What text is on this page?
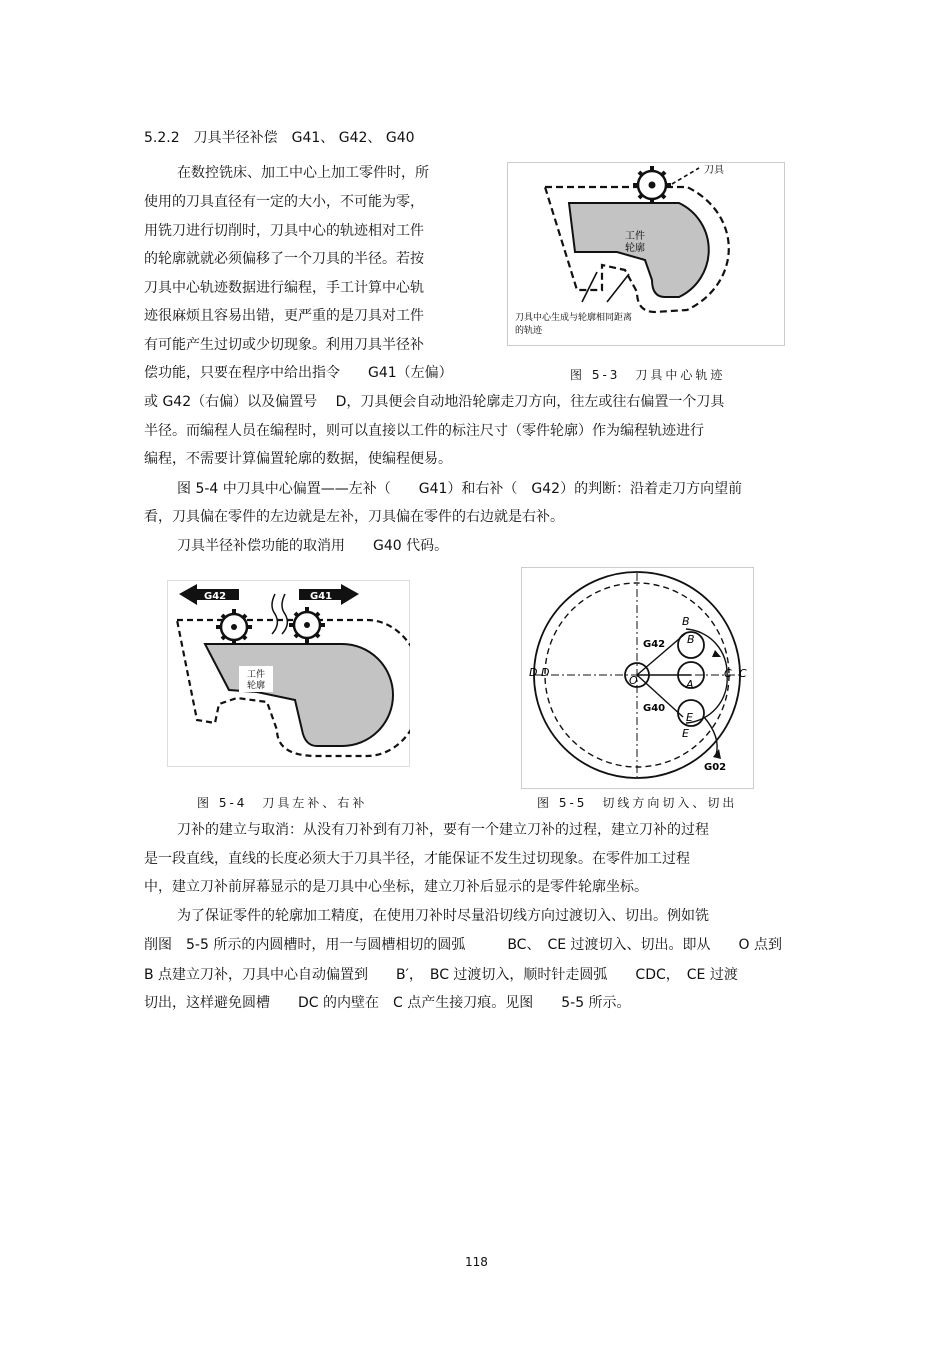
5.2.2　刀具半径补偿　G41、 G42、 G40
在数控铣床、加工中心上加工零件时，所
使用的刀具直径有一定的大小，不可能为零，
用铣刀进行切削时，刀具中心的轨迹相对工件
的轮廓就就必须偏移了一个刀具的半径。若按
刀具中心轨迹数据进行编程，手工计算中心轨
迹很麻烦且容易出错，更严重的是刀具对工件
有可能产生过切或少切现象。利用刀具半径补
偿功能，只要在程序中给出指令　　G41（左偏）
或 G42（右偏）以及偏置号　 D，刀具便会自动地沿轮廓走刀方向，往左或往右偏置一个刀具
半径。而编程人员在编程时，则可以直接以工件的标注尺寸（零件轮廓）作为编程轨迹进行
编程，不需要计算偏置轮廓的数据，使编程便易。
图 5-4 中刀具中心偏置——左补（　　G41）和右补（　G42）的判断：沿着走刀方向望前
看，刀具偏在零件的左边就是左补，刀具偏在零件的右边就是右补。
刀具半径补偿功能的取消用　　G40 代码。
刀具
工件
轮廓
刀具中心生成与轮廓相同距离
的轨迹
图 5-3　刀具中心轨迹
G42	G41
工件
轮廓
图 5-4　刀具左补、右补
G42
G40
G02
B
B
C C
D D
E
E
A
O
图 5-5　切线方向切入、切出
刀补的建立与取消：从没有刀补到有刀补，要有一个建立刀补的过程，建立刀补的过程
是一段直线，直线的长度必须大于刀具半径，才能保证不发生过切现象。在零件加工过程
中，建立刀补前屏幕显示的是刀具中心坐标，建立刀补后显示的是零件轮廓坐标。
为了保证零件的轮廓加工精度，在使用刀补时尽量沿切线方向过渡切入、切出。例如铣
削图　5-5 所示的内圆槽时，用一与圆槽相切的圆弧　　　BC、　CE 过渡切入、切出。即从　　O 点到
B 点建立刀补，刀具中心自动偏置到　　B′，　BC 过渡切入，顺时针走圆弧　　CDC，　CE 过渡
切出，这样避免圆槽　　DC 的内壁在　C 点产生接刀痕。见图　　5-5 所示。
118
